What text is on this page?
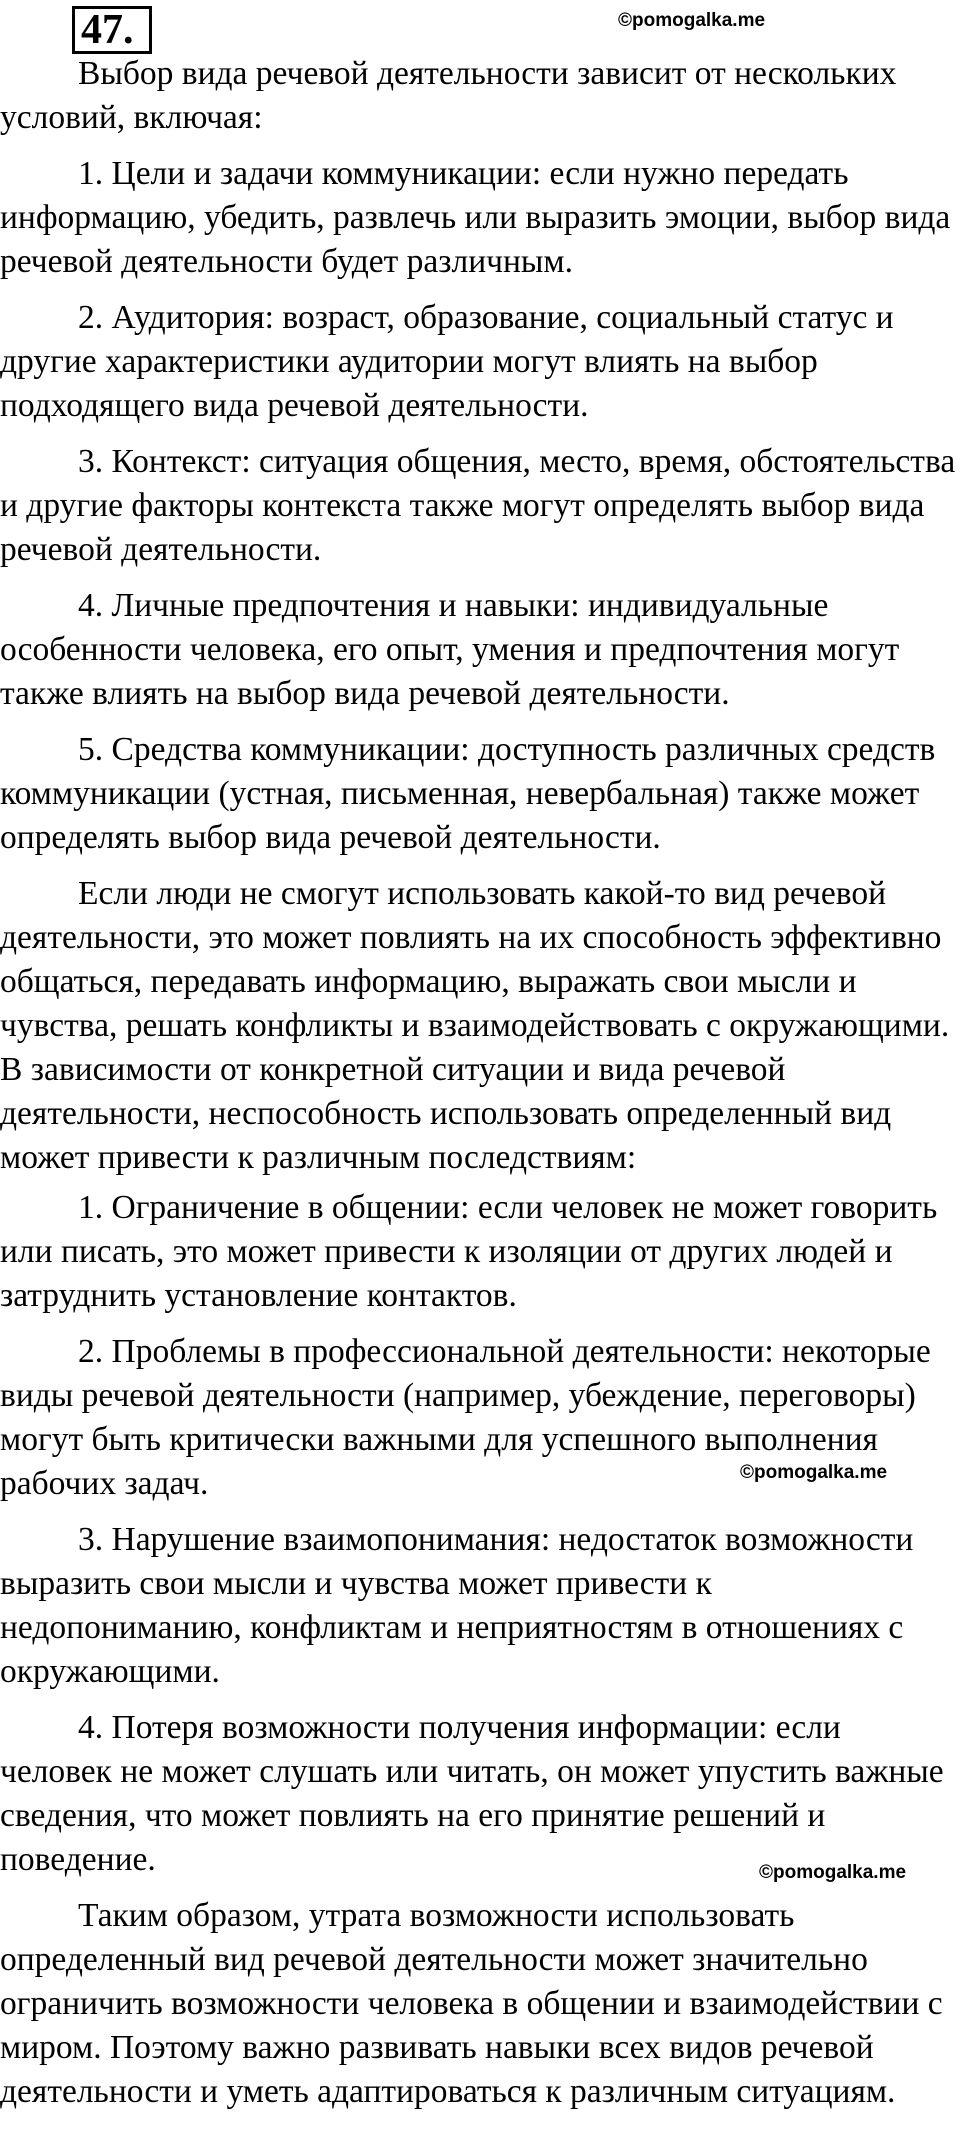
47.	©pomogalka.me
©pomogalka.me
©pomogalka.me

Выбор вида речевой деятельности зависит от нескольких условий, включая:

1. Цели и задачи коммуникации: если нужно передать информацию, убедить, развлечь или выразить эмоции, выбор вида речевой деятельности будет различным.

2. Аудитория: возраст, образование, социальный статус и другие характеристики аудитории могут влиять на выбор подходящего вида речевой деятельности.

3. Контекст: ситуация общения, место, время, обстоятельства и другие факторы контекста также могут определять выбор вида речевой деятельности.

4. Личные предпочтения и навыки: индивидуальные особенности человека, его опыт, умения и предпочтения могут также влиять на выбор вида речевой деятельности.

5. Средства коммуникации: доступность различных средств коммуникации (устная, письменная, невербальная) также может определять выбор вида речевой деятельности.

Если люди не смогут использовать какой-то вид речевой деятельности, это может повлиять на их способность эффективно общаться, передавать информацию, выражать свои мысли и чувства, решать конфликты и взаимодействовать с окружающими. В зависимости от конкретной ситуации и вида речевой деятельности, неспособность использовать определенный вид может привести к различным последствиям:

1. Ограничение в общении: если человек не может говорить или писать, это может привести к изоляции от других людей и затруднить установление контактов.

2. Проблемы в профессиональной деятельности: некоторые виды речевой деятельности (например, убеждение, переговоры) могут быть критически важными для успешного выполнения рабочих задач.

3. Нарушение взаимопонимания: недостаток возможности выразить свои мысли и чувства может привести к недопониманию, конфликтам и неприятностям в отношениях с окружающими.

4. Потеря возможности получения информации: если человек не может слушать или читать, он может упустить важные сведения, что может повлиять на его принятие решений и поведение.

Таким образом, утрата возможности использовать определенный вид речевой деятельности может значительно ограничить возможности человека в общении и взаимодействии с миром. Поэтому важно развивать навыки всех видов речевой деятельности и уметь адаптироваться к различным ситуациям.
